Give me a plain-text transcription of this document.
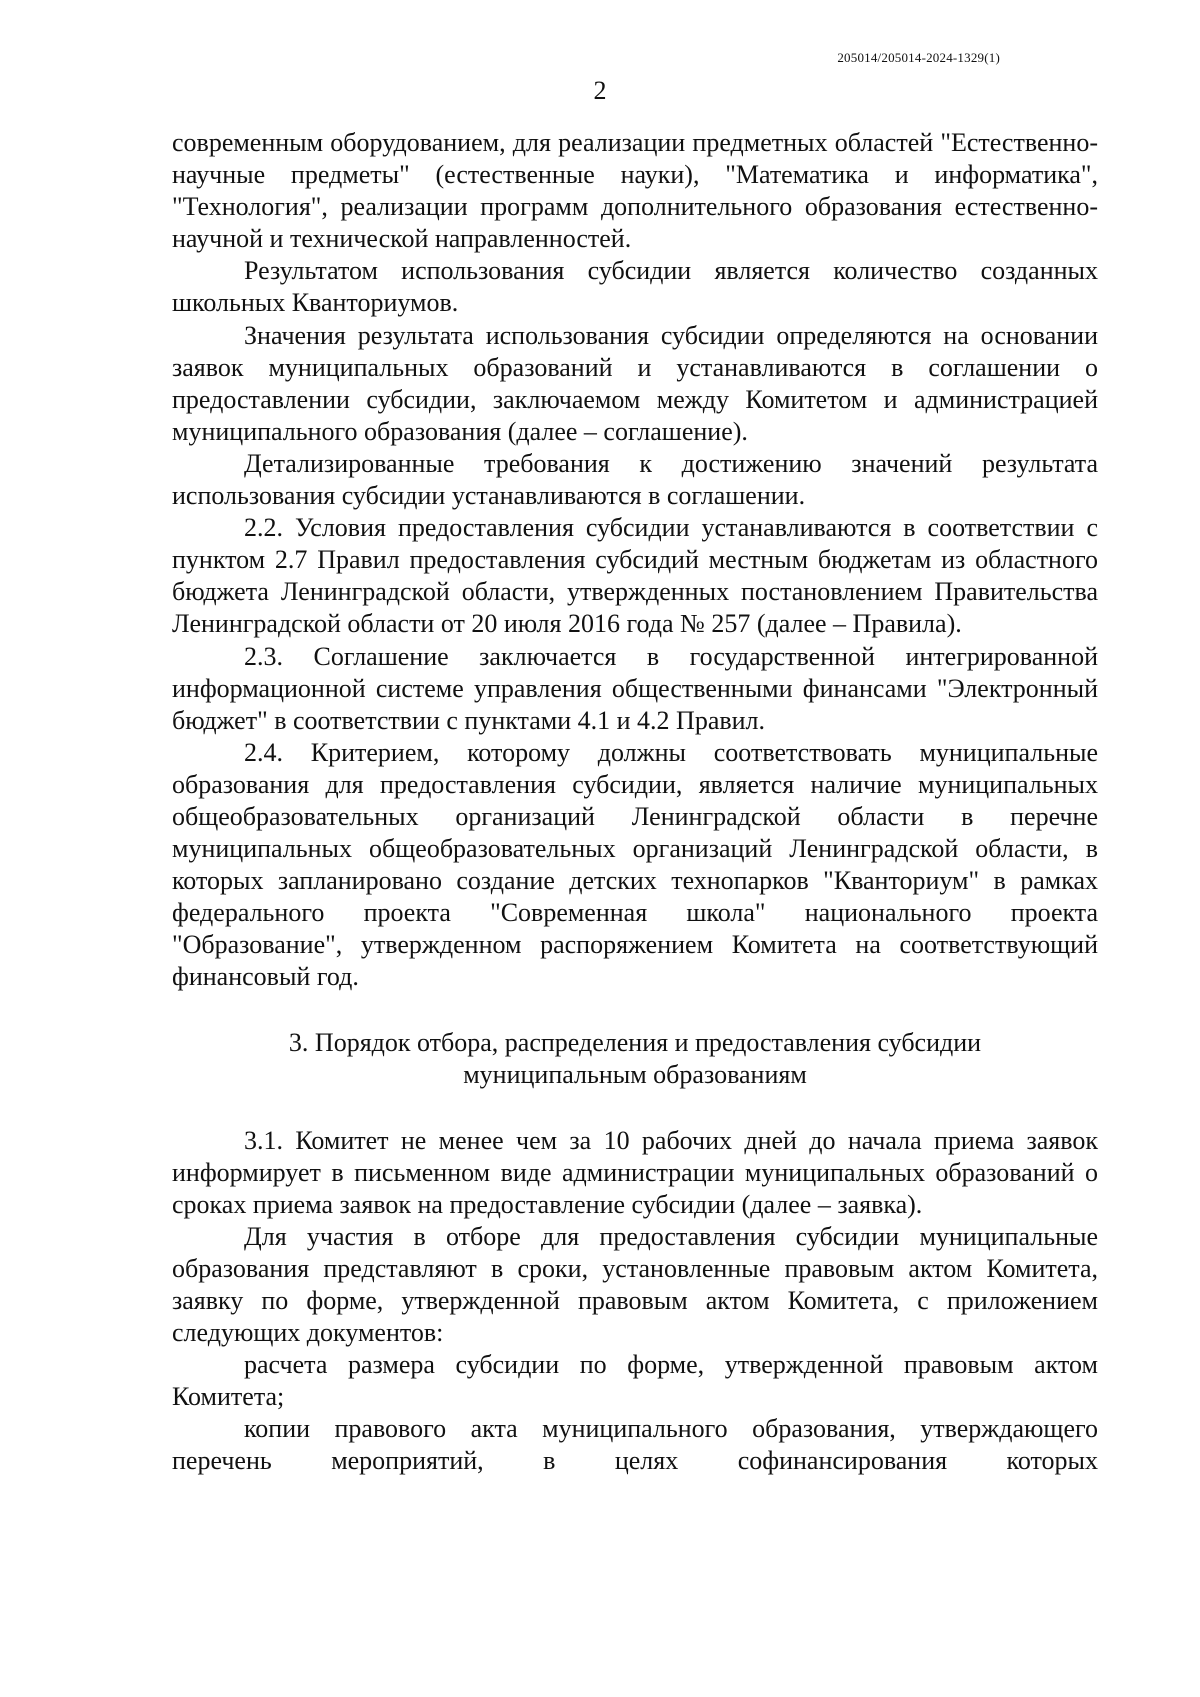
205014/205014-2024-1329(1)
2

современным оборудованием, для реализации предметных областей "Естественно-научные предметы" (естественные науки), "Математика и информатика", "Технология", реализации программ дополнительного образования естественно-научной и технической направленностей.

Результатом использования субсидии является количество созданных школьных Кванториумов.

Значения результата использования субсидии определяются на основании заявок муниципальных образований и устанавливаются в соглашении о предоставлении субсидии, заключаемом между Комитетом и администрацией муниципального образования (далее – соглашение).

Детализированные требования к достижению значений результата использования субсидии устанавливаются в соглашении.

2.2. Условия предоставления субсидии устанавливаются в соответствии с пунктом 2.7 Правил предоставления субсидий местным бюджетам из областного бюджета Ленинградской области, утвержденных постановлением Правительства Ленинградской области от 20 июля 2016 года № 257 (далее – Правила).

2.3. Соглашение заключается в государственной интегрированной информационной системе управления общественными финансами "Электронный бюджет" в соответствии с пунктами 4.1 и 4.2 Правил.

2.4. Критерием, которому должны соответствовать муниципальные образования для предоставления субсидии, является наличие муниципальных общеобразовательных организаций Ленинградской области в перечне муниципальных общеобразовательных организаций Ленинградской области, в которых запланировано создание детских технопарков "Кванториум" в рамках федерального проекта "Современная школа" национального проекта "Образование", утвержденном распоряжением Комитета на соответствующий финансовый год.

3. Порядок отбора, распределения и предоставления субсидии
муниципальным образованиям

3.1. Комитет не менее чем за 10 рабочих дней до начала приема заявок информирует в письменном виде администрации муниципальных образований о сроках приема заявок на предоставление субсидии (далее – заявка).

Для участия в отборе для предоставления субсидии муниципальные образования представляют в сроки, установленные правовым актом Комитета, заявку по форме, утвержденной правовым актом Комитета, с приложением следующих документов:

расчета размера субсидии по форме, утвержденной правовым актом Комитета;

копии правового акта муниципального образования, утверждающего перечень мероприятий, в целях софинансирования которых
